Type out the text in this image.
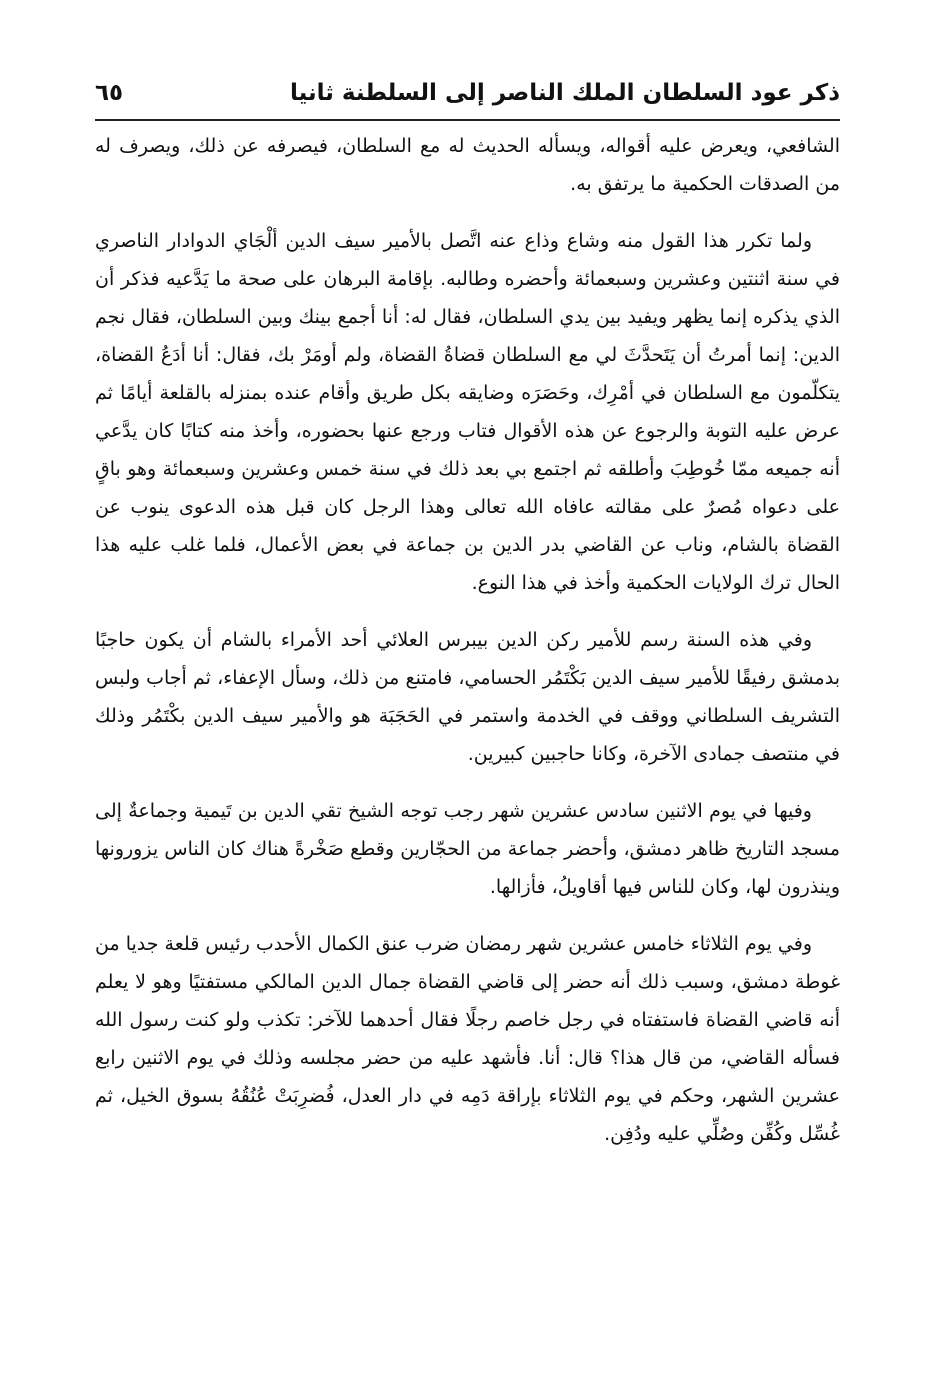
ذكر عود السلطان الملك الناصر إلى السلطنة ثانيا
٦٥

الشافعي، ويعرض عليه أقواله، ويسأله الحديث له مع السلطان، فيصرفه عن ذلك، ويصرف له من الصدقات الحكمية ما يرتفق به.

ولما تكرر هذا القول منه وشاع وذاع عنه اتَّصل بالأمير سيف الدين ألْجَاي الدوادار الناصري في سنة اثنتين وعشرين وسبعمائة وأحضره وطالبه. بإقامة البرهان على صحة ما يَدَّعيه فذكر أن الذي يذكره إنما يظهر ويفيد بين يدي السلطان، فقال له: أنا أجمع بينك وبين السلطان، فقال نجم الدين: إنما أمرتُ أن يَتَحدَّثَ لي مع السلطان قضاةُ القضاة، ولم أومَرْ بك، فقال: أنا أدَعُ القضاة، يتكلّمون مع السلطان في أمْرِك، وحَصَرَه وضايقه بكل طريق وأقام عنده بمنزله بالقلعة أيامًا ثم عرض عليه التوبة والرجوع عن هذه الأقوال فتاب ورجع عنها بحضوره، وأخذ منه كتابًا كان يدَّعي أنه جميعه ممّا خُوطِبَ وأطلقه ثم اجتمع بي بعد ذلك في سنة خمس وعشرين وسبعمائة وهو باقٍ على دعواه مُصرٌ على مقالته عافاه الله تعالى وهذا الرجل كان قبل هذه الدعوى ينوب عن القضاة بالشام، وناب عن القاضي بدر الدين بن جماعة في بعض الأعمال، فلما غلب عليه هذا الحال ترك الولايات الحكمية وأخذ في هذا النوع.

وفي هذه السنة رسم للأمير ركن الدين بيبرس العلائي أحد الأمراء بالشام أن يكون حاجبًا بدمشق رفيقًا للأمير سيف الدين بَكْتَمُر الحسامي، فامتنع من ذلك، وسأل الإعفاء، ثم أجاب ولبس التشريف السلطاني ووقف في الخدمة واستمر في الحَجَبَة هو والأمير سيف الدين بكْتَمُر وذلك في منتصف جمادى الآخرة، وكانا حاجبين كبيرين.

وفيها في يوم الاثنين سادس عشرين شهر رجب توجه الشيخ تقي الدين بن تَيمية وجماعةٌ إلى مسجد التاريخ ظاهر دمشق، وأحضر جماعة من الحجّارين وقطع صَخْرةً هناك كان الناس يزورونها وينذرون لها، وكان للناس فيها أقاويلُ، فأزالها.

وفي يوم الثلاثاء خامس عشرين شهر رمضان ضرب عنق الكمال الأحدب رئيس قلعة جديا من غوطة دمشق، وسبب ذلك أنه حضر إلى قاضي القضاة جمال الدين المالكي مستفتيًا وهو لا يعلم أنه قاضي القضاة فاستفتاه في رجل خاصم رجلًا فقال أحدهما للآخر: تكذب ولو كنت رسول الله فسأله القاضي، من قال هذا؟ قال: أنا. فأشهد عليه من حضر مجلسه وذلك في يوم الاثنين رابع عشرين الشهر، وحكم في يوم الثلاثاء بإراقة دَمِه في دار العدل، فُضرِبَتْ عُنُقُهُ بسوق الخيل، ثم غُسِّل وكُفِّن وصُلِّي عليه ودُفِن.
